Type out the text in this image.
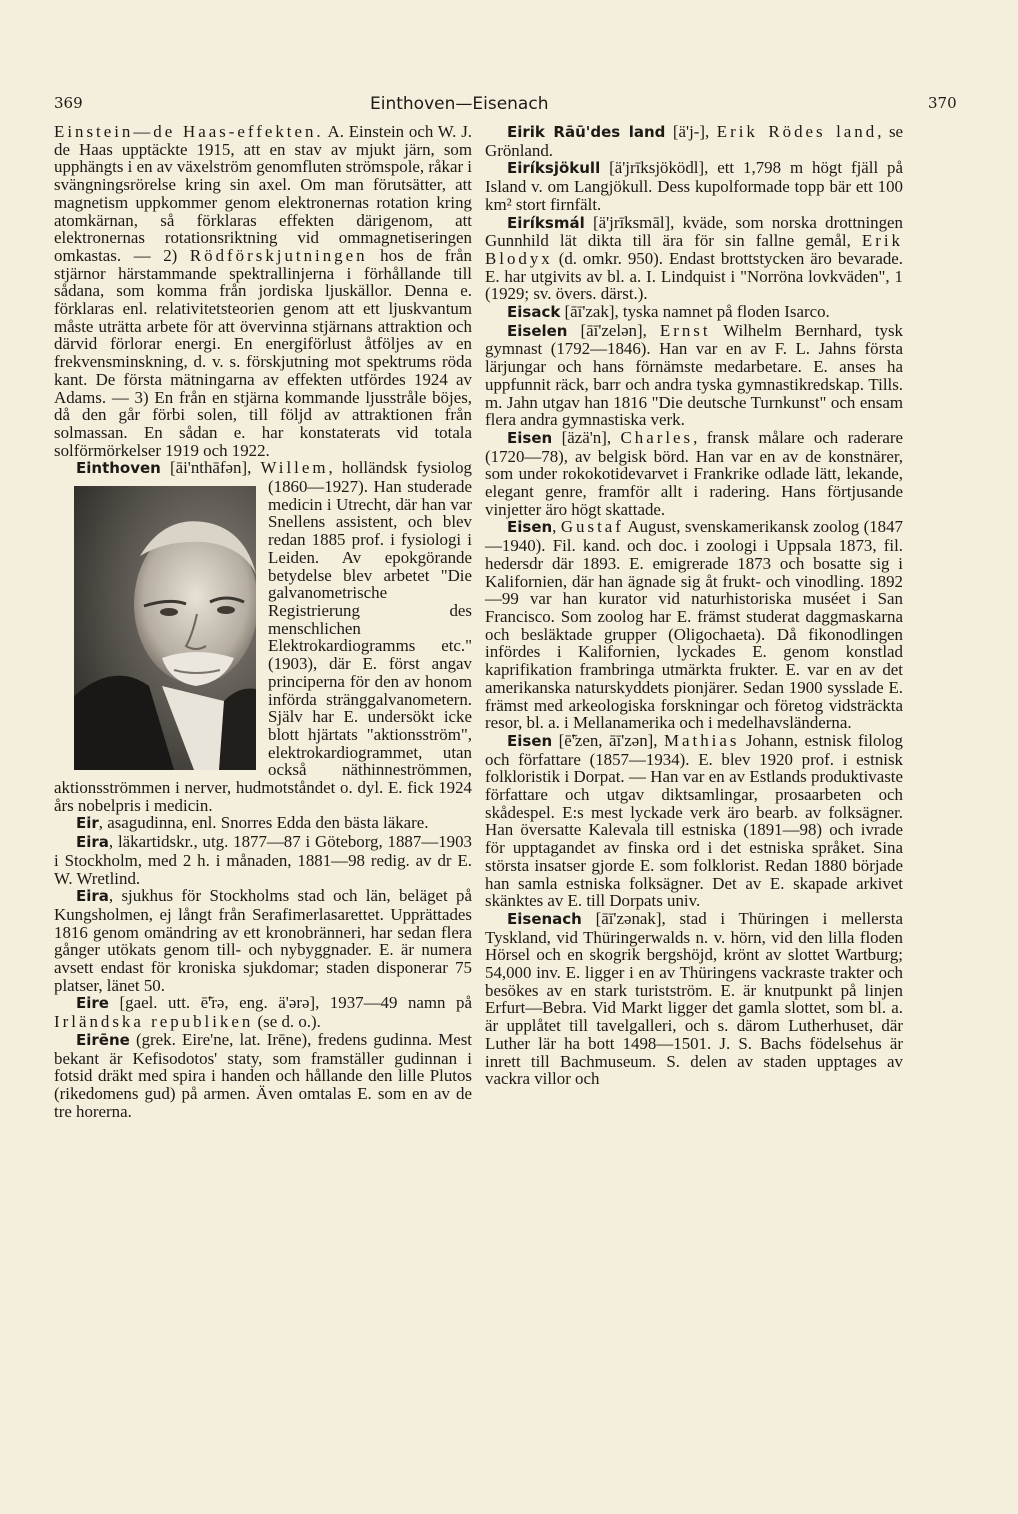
369	Einthoven—Eisenach	370

Einstein—de Haas-effekten. A. Einstein och W. J. de Haas upptäckte 1915, att en stav av mjukt järn, som upphängts i en av växelström genomfluten strömspole, råkar i svängningsrörelse kring sin axel. Om man förutsätter, att magnetism uppkommer genom elektronernas rotation kring atomkärnan, så förklaras effekten därigenom, att elektronernas rotationsriktning vid ommagnetiseringen omkastas. — 2) Rödförskjutningen hos de från stjärnor härstammande spektrallinjerna i förhållande till sådana, som komma från jordiska ljuskällor. Denna e. förklaras enl. relativitetsteorien genom att ett ljuskvantum måste uträtta arbete för att övervinna stjärnans attraktion och därvid förlorar energi. En energiförlust åtföljes av en frekvensminskning, d. v. s. förskjutning mot spektrums röda kant. De första mätningarna av effekten utfördes 1924 av Adams. — 3) En från en stjärna kommande ljusstråle böjes, då den går förbi solen, till följd av attraktionen från solmassan. En sådan e. har konstaterats vid totala solförmörkelser 1919 och 1922.

Einthoven [āi'nthāfən], Willem
, holländsk fysiolog (1860—1927). Han studerade medicin i Utrecht, där han var Snellens assistent, och blev redan 1885 prof. i fysiologi i Leiden. Av epokgörande betydelse blev arbetet "Die galvanometrische Registrierung des menschlichen Elektrokardiogramms etc." (1903), där E. först angav principerna för den av honom införda stränggalvanometern. Själv har E. undersökt icke blott hjärtats "aktionsström", elektrokardiogrammet, utan också näthinneströmmen, aktionsströmmen i nerver, hudmotståndet o. dyl. E. fick 1924 års nobelpris i medicin.

Eir, asagudinna, enl. Snorres Edda den bästa läkare.

Eira, läkartidskr., utg. 1877—87 i Göteborg, 1887—1903 i Stockholm, med 2 h. i månaden, 1881—98 redig. av dr E. W. Wretlind.

Eira, sjukhus för Stockholms stad och län, beläget på Kungsholmen, ej långt från Serafimerlasarettet. Upprättades 1816 genom omändring av ett kronobränneri, har sedan flera gånger utökats genom till- och nybyggnader. E. är numera avsett endast för kroniska sjukdomar; staden disponerar 75 platser, länet 50.

Eire [gael. utt. ē̃'rə, eng. ä'ərə], 1937—49 namn på Irländska republiken (se d. o.).

Eirēne (grek. Eire'ne, lat. Irēne), fredens gudinna. Mest bekant är Kefisodotos' staty, som framställer gudinnan i fotsid dräkt med spira i handen och hållande den lille Plutos (rikedomens gud) på armen. Även omtalas E. som en av de tre horerna.

Eirik Rāū'des land [ä'j-], Erik Rödes land, se Grönland.

Eiríksjökull [ä'jrīksjöködl], ett 1,798 m högt fjäll på Island v. om Langjökull. Dess kupolformade topp bär ett 100 km² stort firnfält.

Eiríksmál [ä'jrīksmāl], kväde, som norska drottningen Gunnhild lät dikta till ära för sin fallne gemål, Erik Blodyx (d. omkr. 950). Endast brottstycken äro bevarade. E. har utgivits av bl. a. I. Lindquist i "Norröna lovkväden", 1 (1929; sv. övers. därst.).

Eisack [āī'zak], tyska namnet på floden Isarco.

Eiselen [āī'zelən], Ernst Wilhelm Bernhard, tysk gymnast (1792—1846). Han var en av F. L. Jahns första lärjungar och hans förnämste medarbetare. E. anses ha uppfunnit räck, barr och andra tyska gymnastikredskap. Tills. m. Jahn utgav han 1816 "Die deutsche Turnkunst" och ensam flera andra gymnastiska verk.

Eisen [äzä'n], Charles, fransk målare och raderare (1720—78), av belgisk börd. Han var en av de konstnärer, som under rokokotidevarvet i Frankrike odlade lätt, lekande, elegant genre, framför allt i radering. Hans förtjusande vinjetter äro högt skattade.

Eisen, Gustaf August, svenskamerikansk zoolog (1847—1940). Fil. kand. och doc. i zoologi i Uppsala 1873, fil. hedersdr där 1893. E. emigrerade 1873 och bosatte sig i Kalifornien, där han ägnade sig åt frukt- och vinodling. 1892—99 var han kurator vid naturhistoriska muséet i San Francisco. Som zoolog har E. främst studerat daggmaskarna och besläktade grupper (Oligochaeta). Då fikonodlingen infördes i Kalifornien, lyckades E. genom konstlad kaprifikation frambringa utmärkta frukter. E. var en av det amerikanska naturskyddets pionjärer. Sedan 1900 sysslade E. främst med arkeologiska forskningar och företog vidsträckta resor, bl. a. i Mellanamerika och i medelhavsländerna.

Eisen [ē̃'zen, āī'zən], Mathias Johann, estnisk filolog och författare (1857—1934). E. blev 1920 prof. i estnisk folkloristik i Dorpat. — Han var en av Estlands produktivaste författare och utgav diktsamlingar, prosaarbeten och skådespel. E:s mest lyckade verk äro bearb. av folksägner. Han översatte Kalevala till estniska (1891—98) och ivrade för upptagandet av finska ord i det estniska språket. Sina största insatser gjorde E. som folklorist. Redan 1880 började han samla estniska folksägner. Det av E. skapade arkivet skänktes av E. till Dorpats univ.

Eisenach [āī'zənak], stad i Thüringen i mellersta Tyskland, vid Thüringerwalds n. v. hörn, vid den lilla floden Hörsel och en skogrik bergshöjd, krönt av slottet Wartburg; 54,000 inv. E. ligger i en av Thüringens vackraste trakter och besökes av en stark turistström. E. är knutpunkt på linjen Erfurt—Bebra. Vid Markt ligger det gamla slottet, som bl. a. är upplåtet till tavelgalleri, och s. därom Lutherhuset, där Luther lär ha bott 1498—1501. J. S. Bachs födelsehus är inrett till Bachmuseum. S. delen av staden upptages av vackra villor och
